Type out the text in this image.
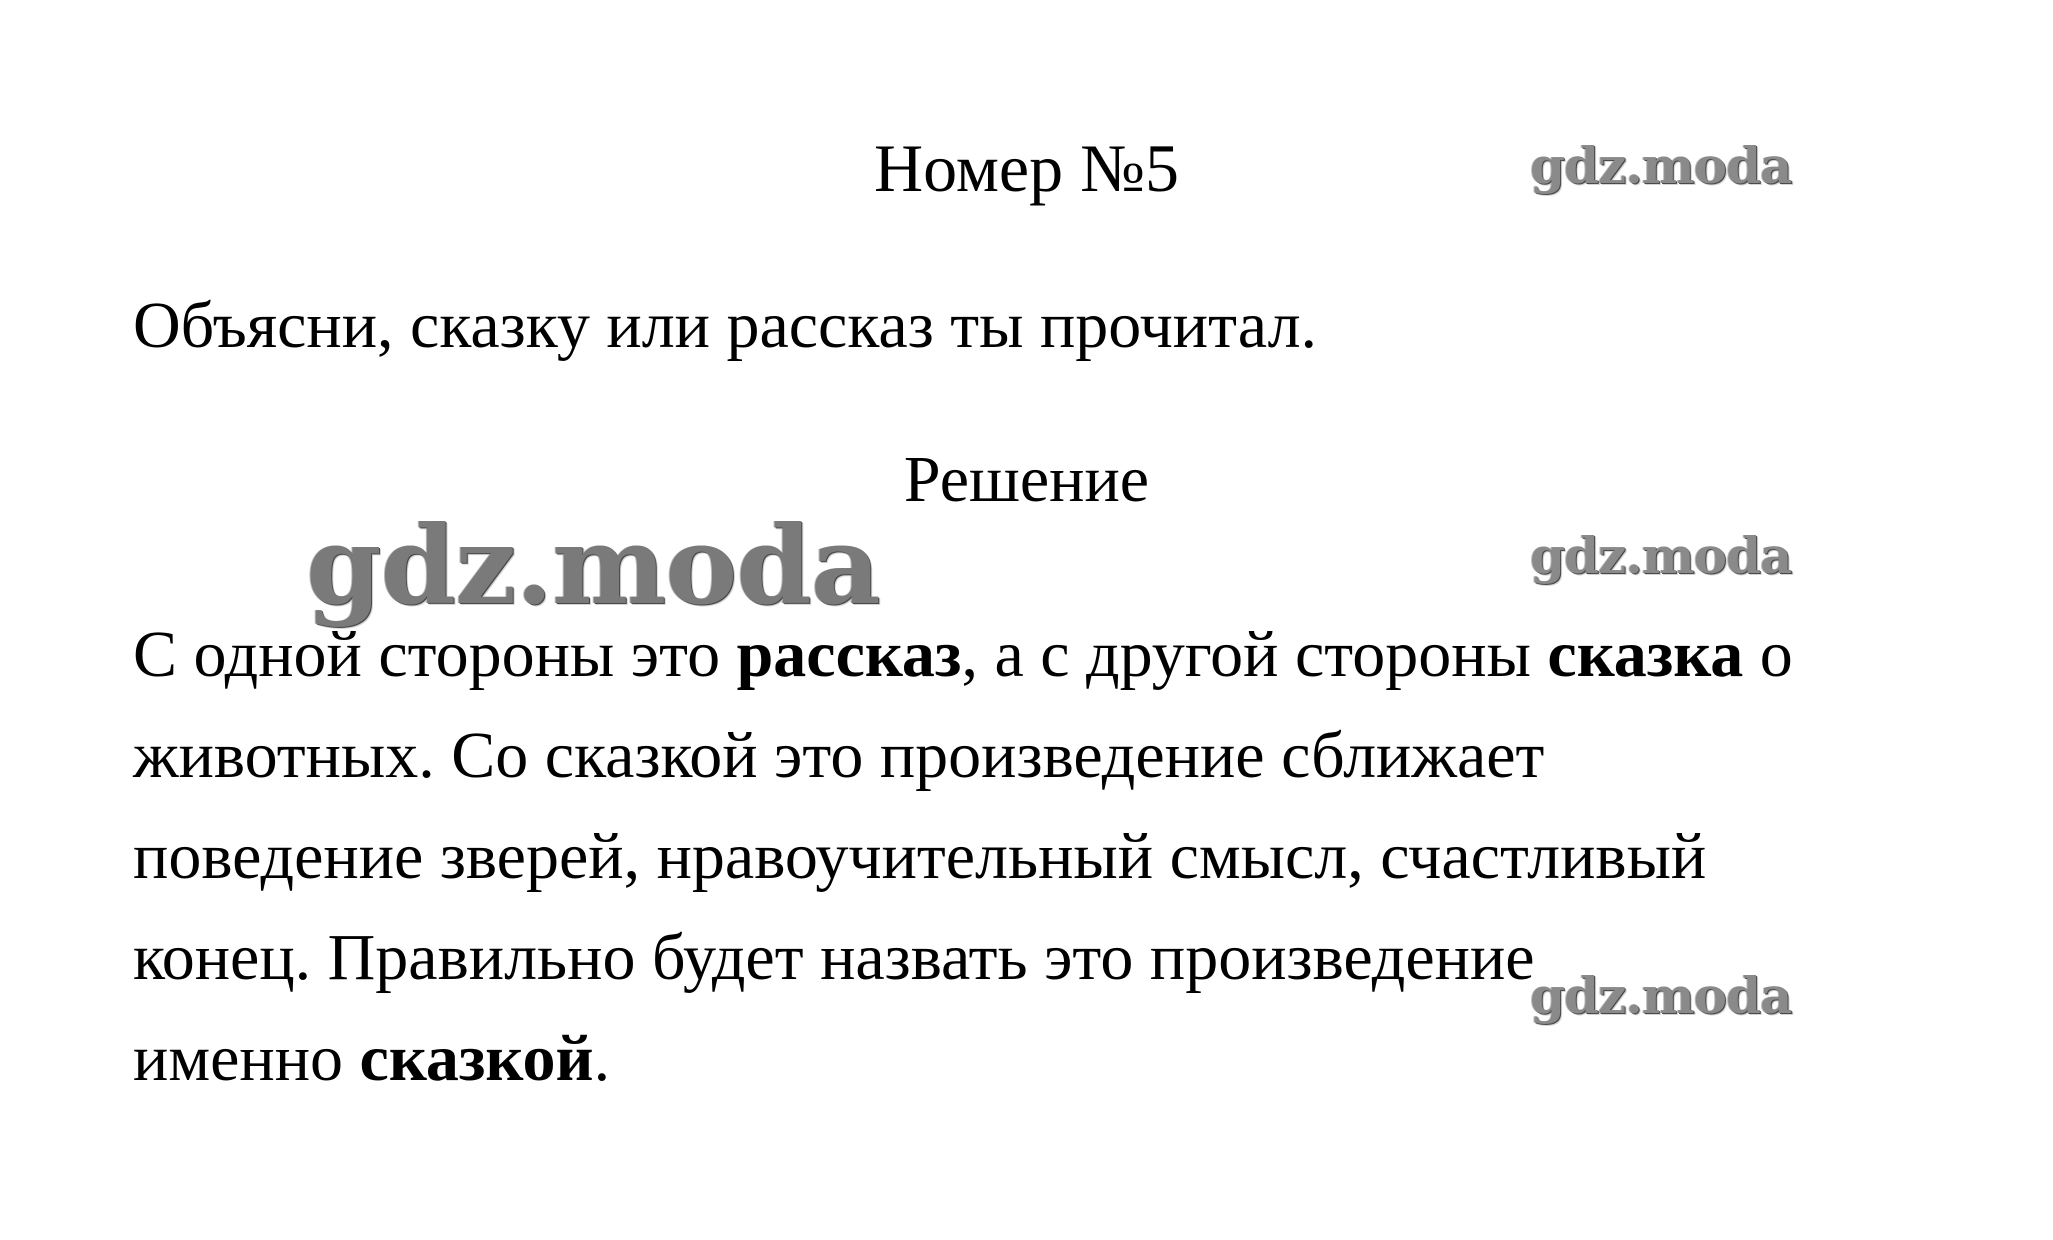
Номер №5
Объясни, сказку или рассказ ты прочитал.
Решение
С одной стороны это рассказ, а с другой стороны сказка о
животных. Со сказкой это произведение сближает
поведение зверей, нравоучительный смысл, счастливый
конец. Правильно будет назвать это произведение
именно сказкой.
gdz.moda
gdz.moda	gdz.moda
gdz.moda
